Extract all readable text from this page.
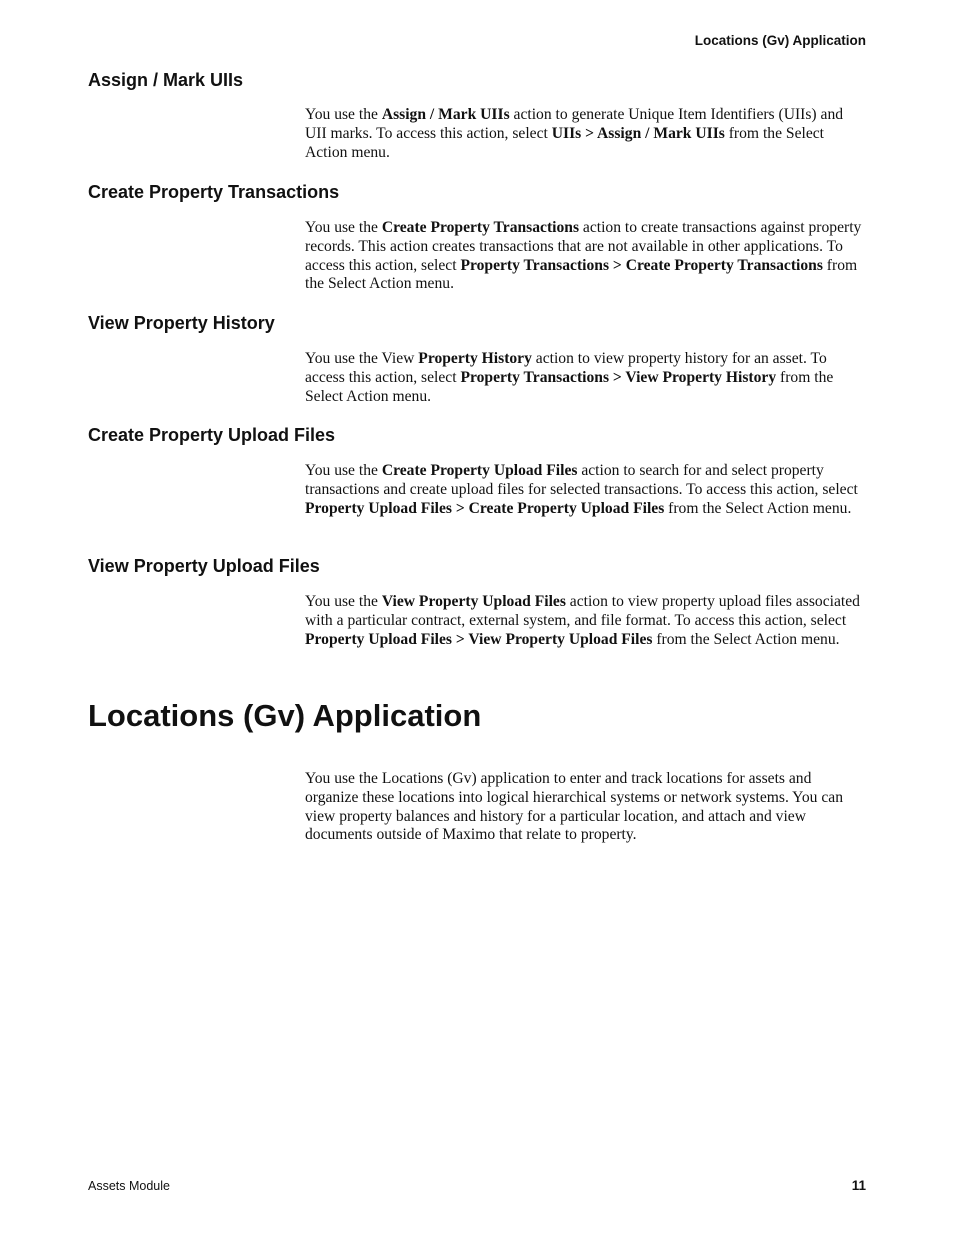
Locations (Gv) Application
Assign / Mark UIIs

You use the Assign / Mark UIIs action to generate Unique Item Identifiers (UIIs) and UII marks. To access this action, select UIIs > Assign / Mark UIIs from the Select Action menu.

Create Property Transactions

You use the Create Property Transactions action to create transactions against property records. This action creates transactions that are not available in other applications. To access this action, select Property Transactions > Create Property Transactions from the Select Action menu.

View Property History

You use the View Property History action to view property history for an asset. To access this action, select Property Transactions > View Property History from the Select Action menu.

Create Property Upload Files

You use the Create Property Upload Files action to search for and select property transactions and create upload files for selected transactions. To access this action, select Property Upload Files > Create Property Upload Files from the Select Action menu.

View Property Upload Files

You use the View Property Upload Files action to view property upload files associated with a particular contract, external system, and file format. To access this action, select Property Upload Files > View Property Upload Files from the Select Action menu.

Locations (Gv) Application

You use the Locations (Gv) application to enter and track locations for assets and organize these locations into logical hierarchical systems or network systems. You can view property balances and history for a particular location, and attach and view documents outside of Maximo that relate to property.

Assets Module	11
